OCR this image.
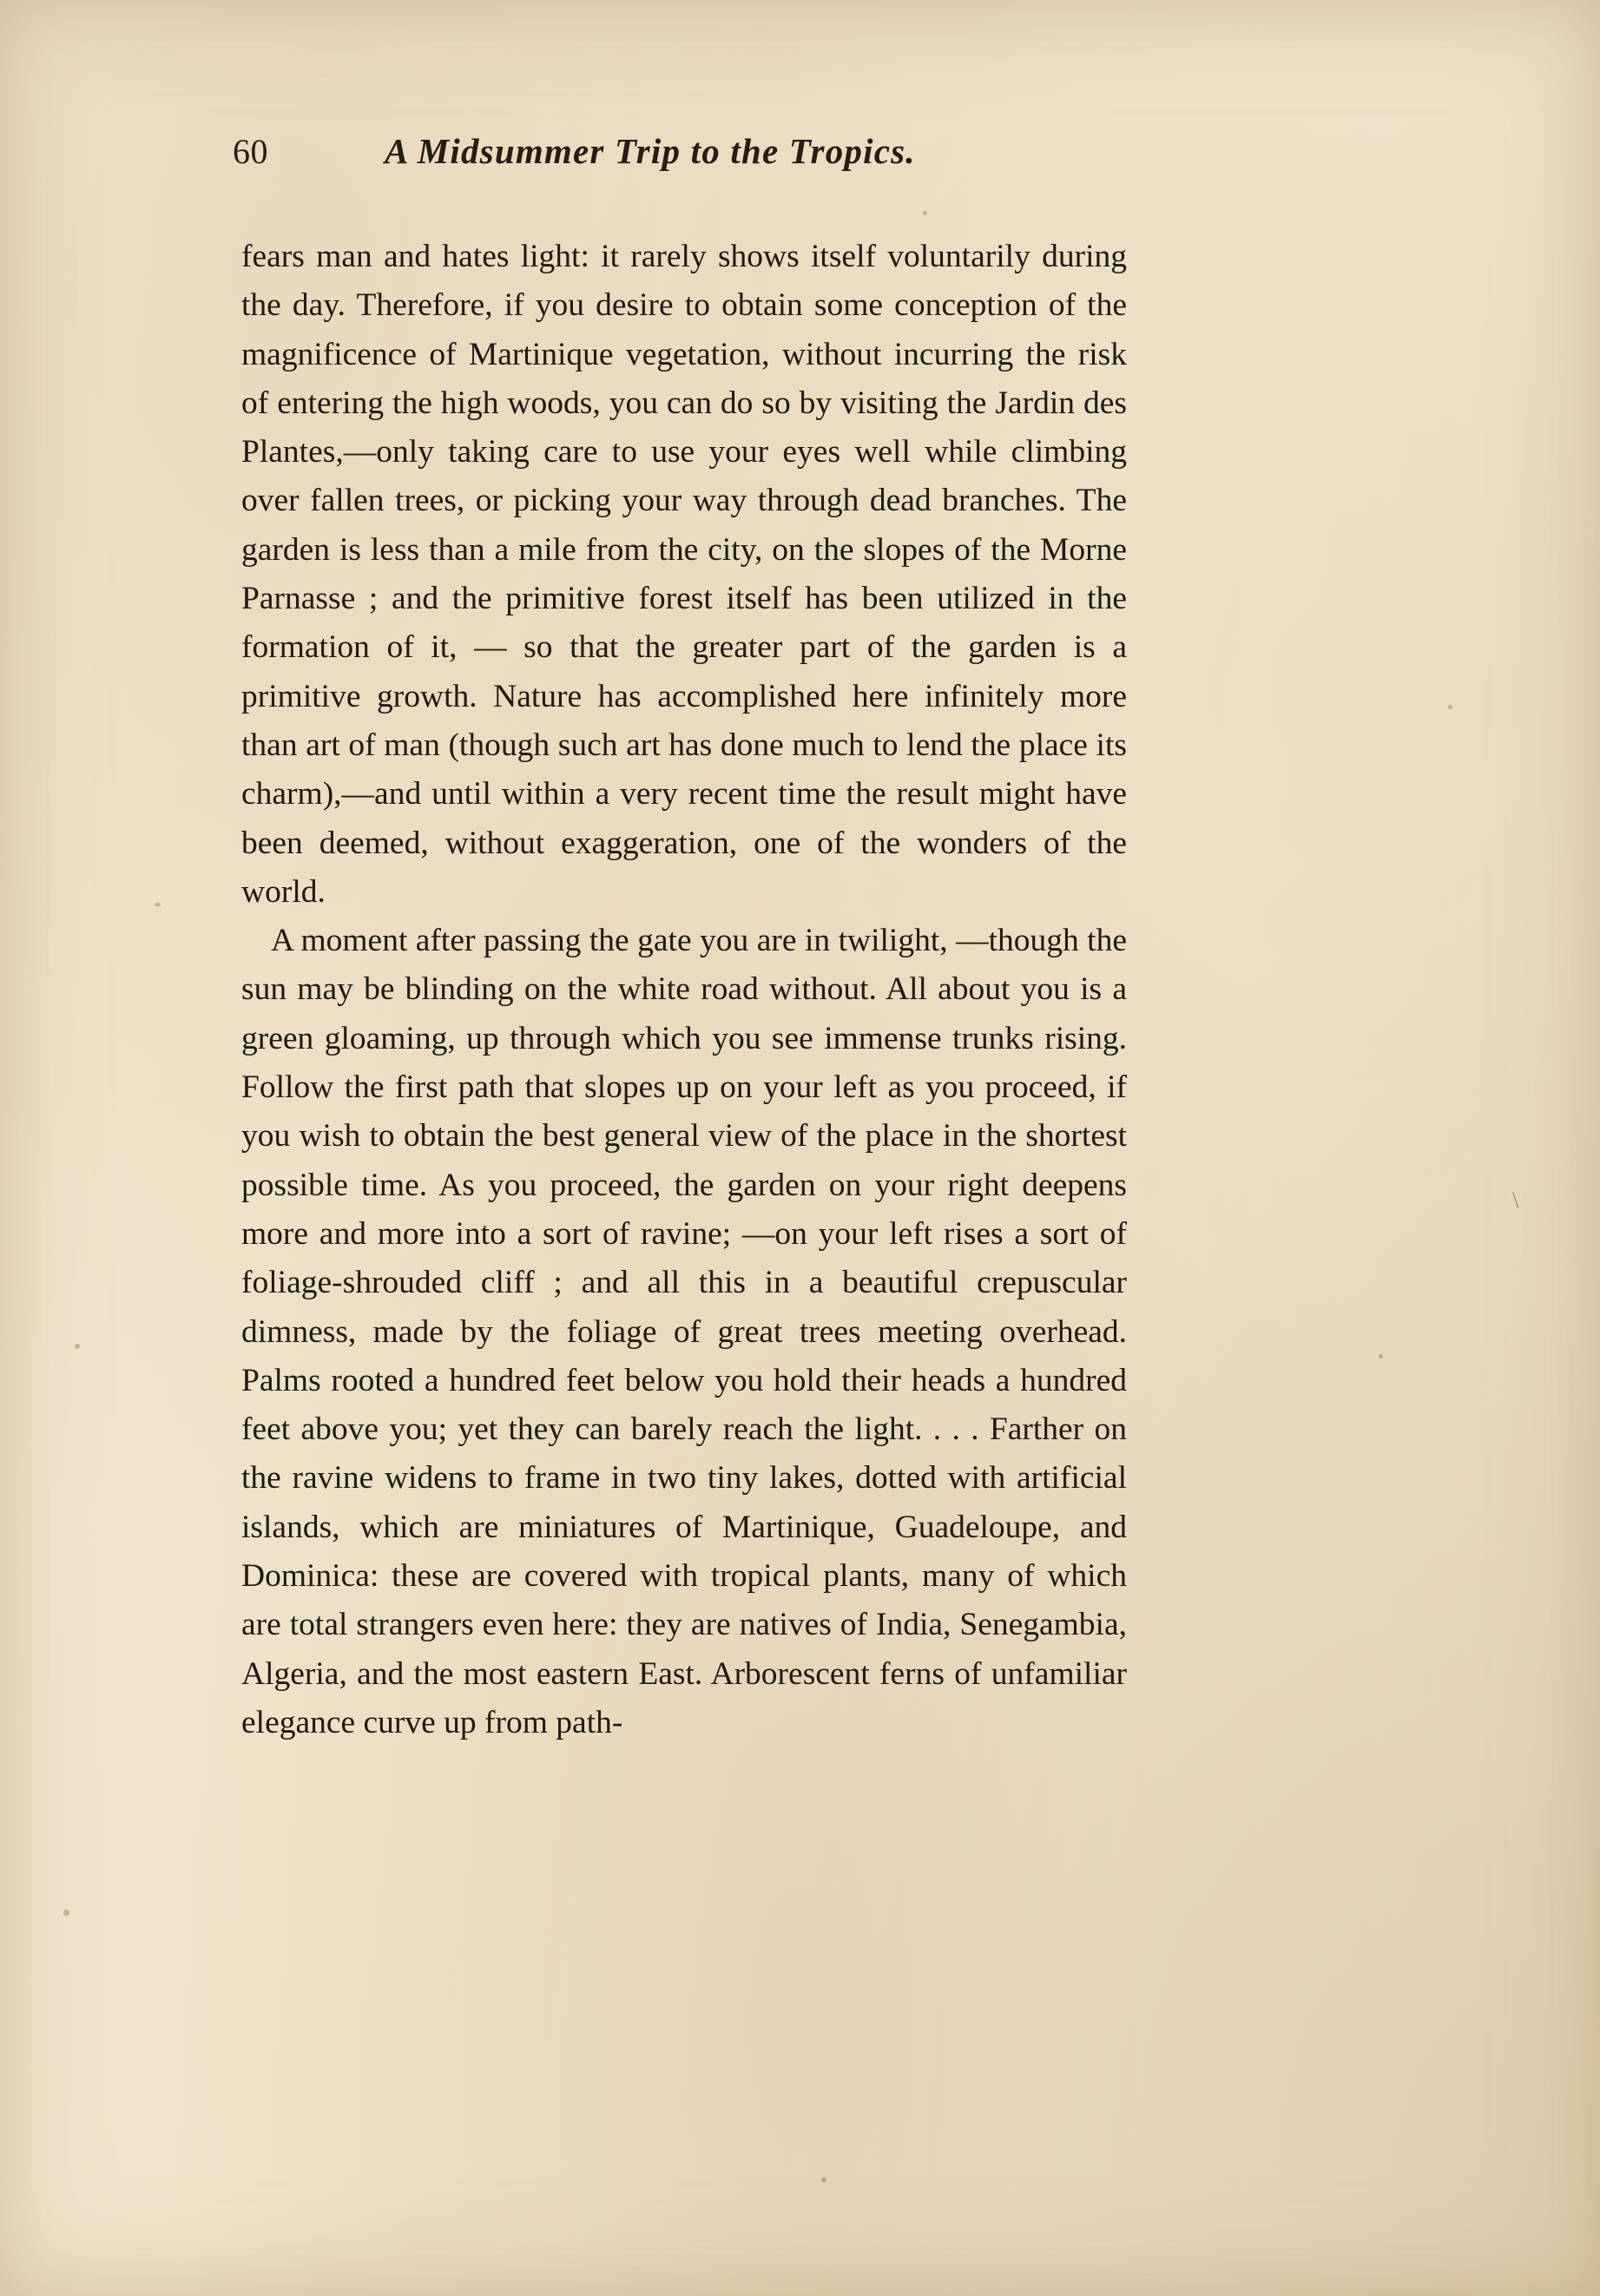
60	A Midsummer Trip to the Tropics.

fears man and hates light: it rarely shows itself voluntarily during the day. Therefore, if you desire to obtain some conception of the magnificence of Martinique vegetation, without incurring the risk of entering the high woods, you can do so by visiting the Jardin des Plantes,—only taking care to use your eyes well while climbing over fallen trees, or picking your way through dead branches. The garden is less than a mile from the city, on the slopes of the Morne Parnasse ; and the primitive forest itself has been utilized in the formation of it, — so that the greater part of the garden is a primitive growth. Nature has accomplished here infinitely more than art of man (though such art has done much to lend the place its charm),—and until within a very recent time the result might have been deemed, without exaggeration, one of the wonders of the world.

A moment after passing the gate you are in twilight, —though the sun may be blinding on the white road without. All about you is a green gloaming, up through which you see immense trunks rising. Follow the first path that slopes up on your left as you proceed, if you wish to obtain the best general view of the place in the shortest possible time. As you proceed, the garden on your right deepens more and more into a sort of ravine; —on your left rises a sort of foliage-shrouded cliff ; and all this in a beautiful crepuscular dimness, made by the foliage of great trees meeting overhead. Palms rooted a hundred feet below you hold their heads a hundred feet above you; yet they can barely reach the light. . . . Farther on the ravine widens to frame in two tiny lakes, dotted with artificial islands, which are miniatures of Martinique, Guadeloupe, and Dominica: these are covered with tropical plants, many of which are total strangers even here: they are natives of India, Senegambia, Algeria, and the most eastern East. Arborescent ferns of unfamiliar elegance curve up from path-

\
